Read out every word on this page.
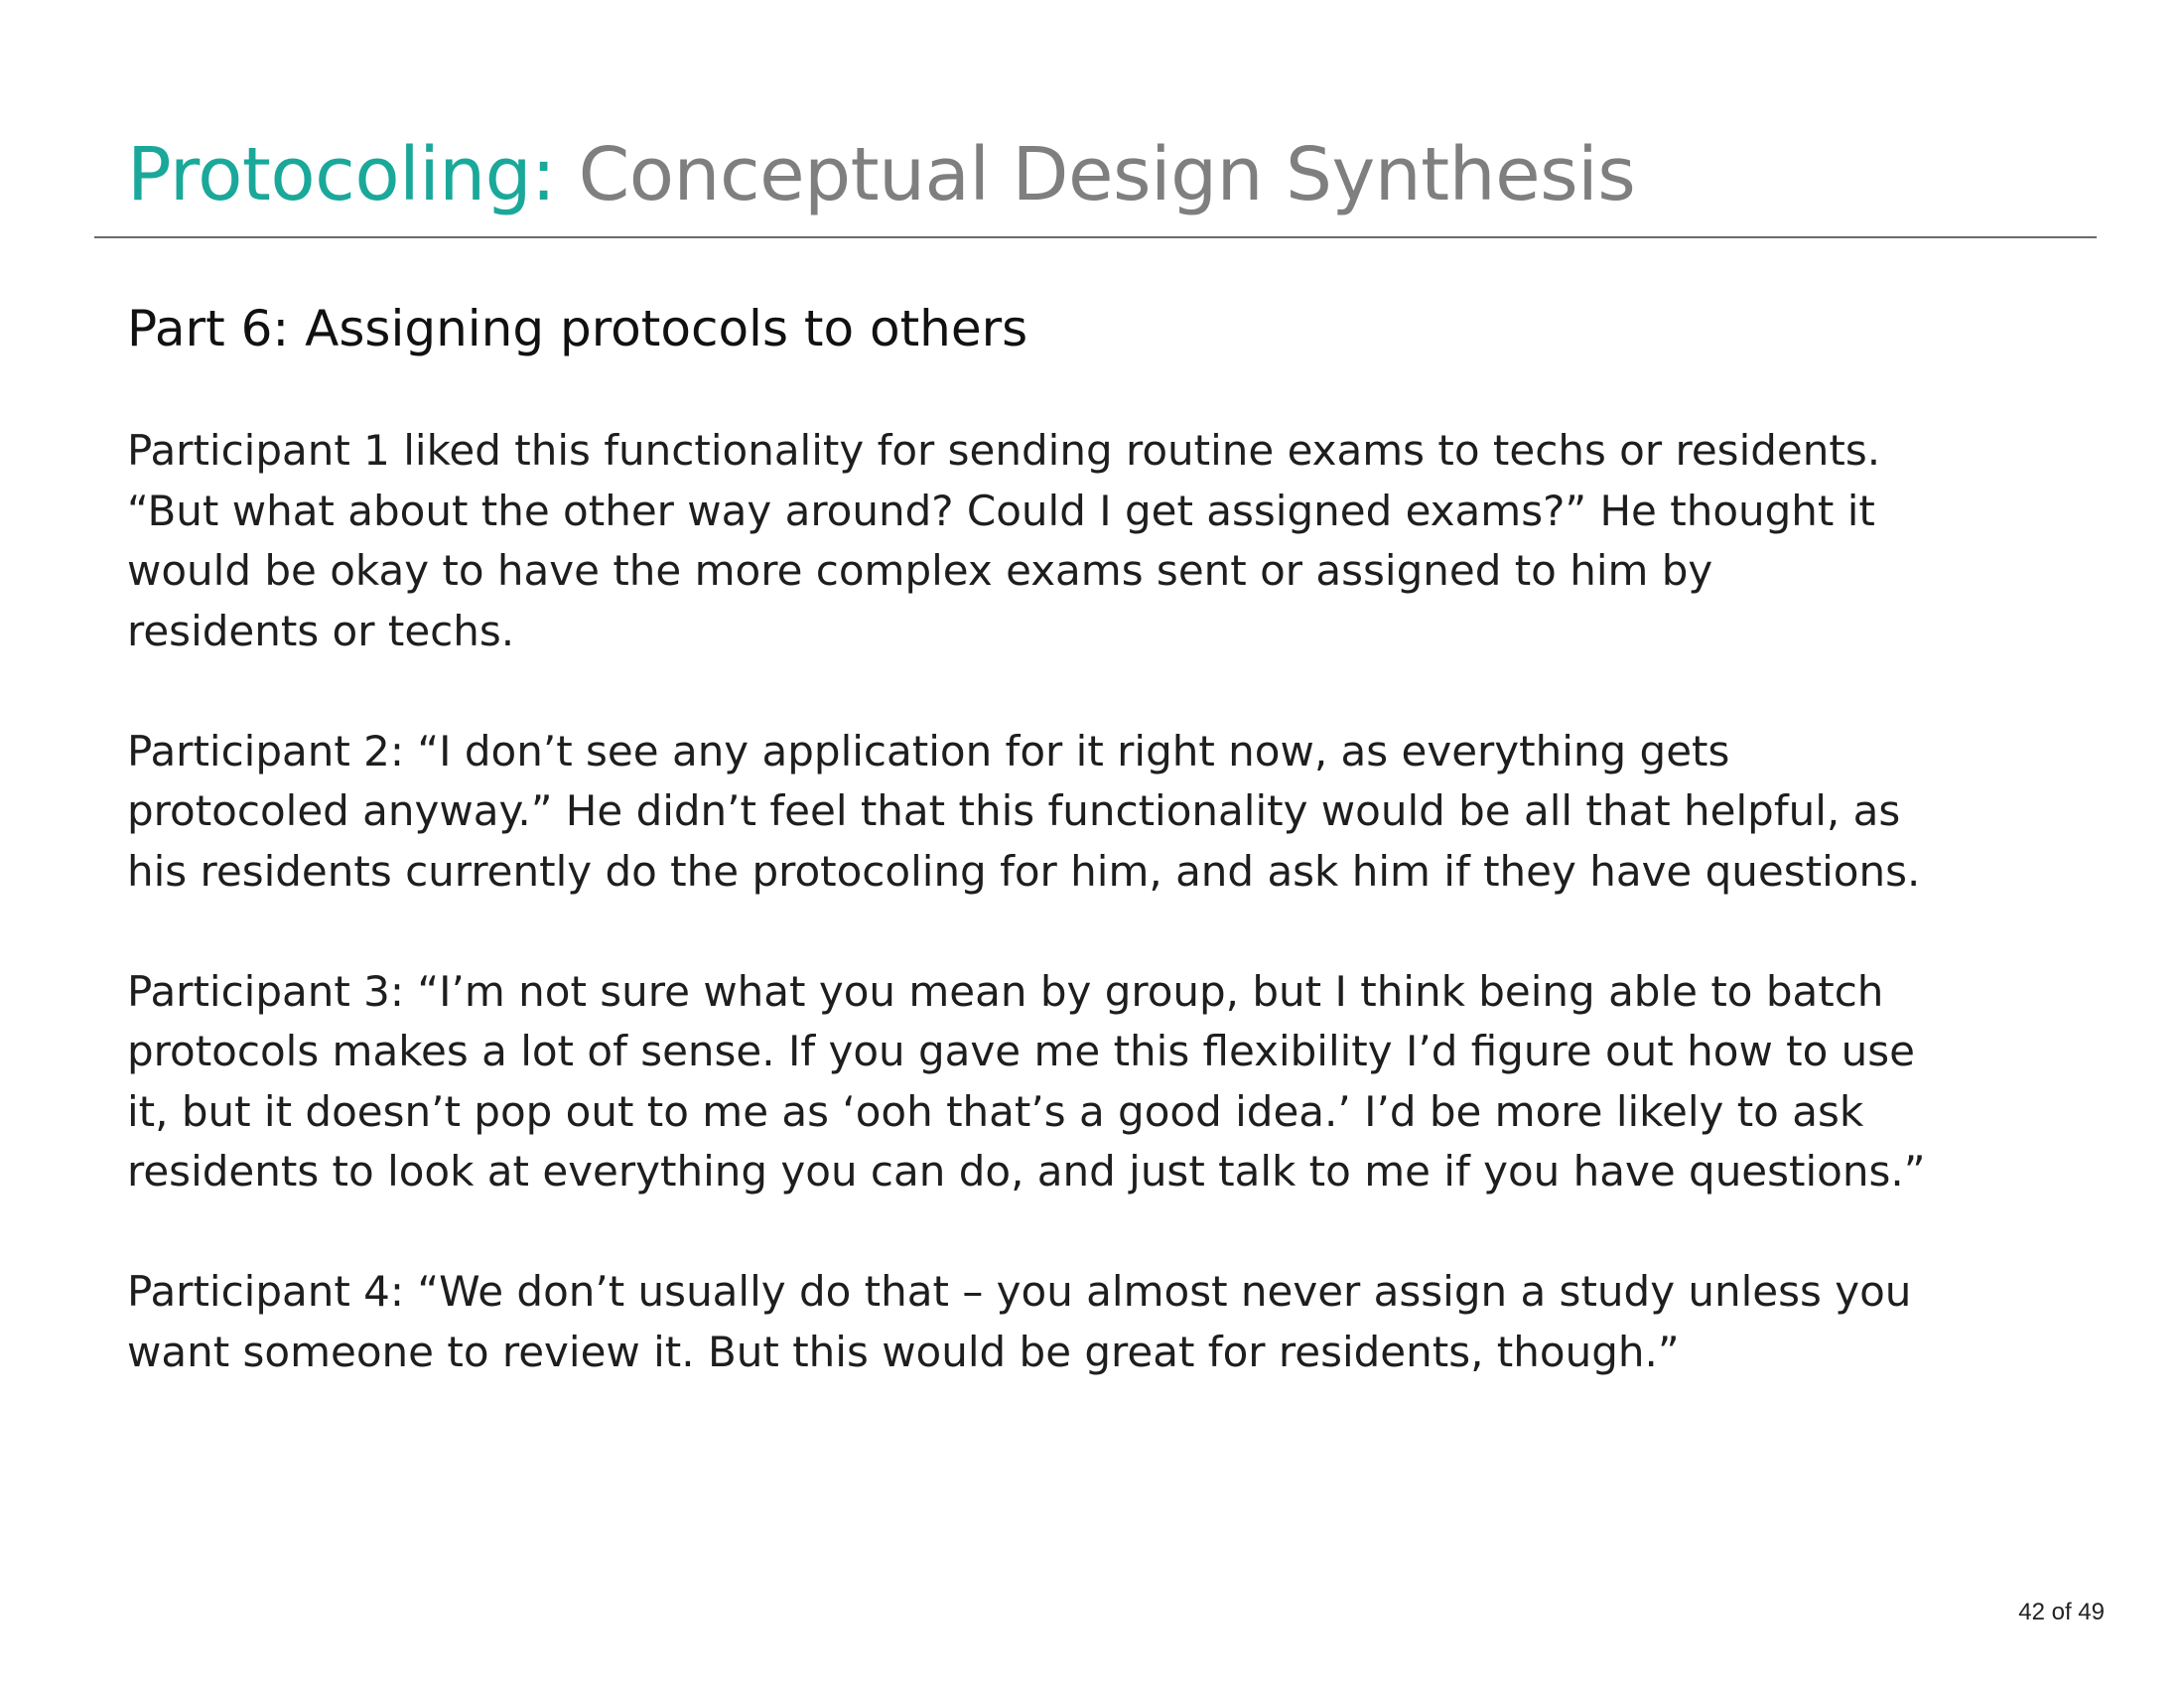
Protocoling: Conceptual Design Synthesis
Part 6: Assigning protocols to others

Participant 1 liked this functionality for sending routine exams to techs or residents.
“But what about the other way around? Could I get assigned exams?” He thought it
would be okay to have the more complex exams sent or assigned to him by
residents or techs.

Participant 2: “I don’t see any application for it right now, as everything gets
protocoled anyway.” He didn’t feel that this functionality would be all that helpful, as
his residents currently do the protocoling for him, and ask him if they have questions.

Participant 3: “I’m not sure what you mean by group, but I think being able to batch
protocols makes a lot of sense. If you gave me this flexibility I’d figure out how to use
it, but it doesn’t pop out to me as ‘ooh that’s a good idea.’ I’d be more likely to ask
residents to look at everything you can do, and just talk to me if you have questions.”

Participant 4: “We don’t usually do that – you almost never assign a study unless you
want someone to review it. But this would be great for residents, though.”

42 of 49
